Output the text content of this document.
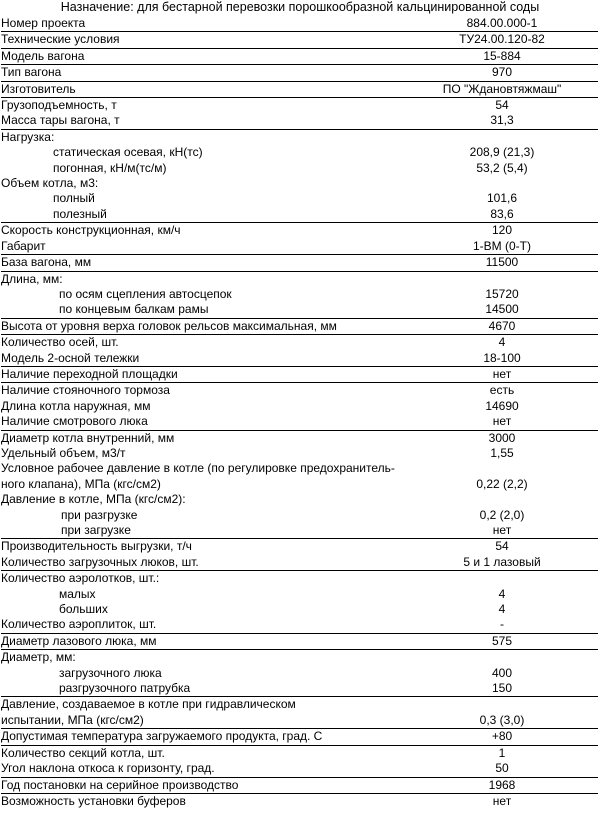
Назначение: для бестарной перевозки порошкообразной кальцинированной соды
Номер проекта	884.00.000-1
Технические условия	ТУ24.00.120-82
Модель вагона	15-884
Тип вагона	970
Изготовитель	ПО "Ждановтяжмаш"
Грузоподъемность, т	54
Масса тары вагона, т	31,3
Нагрузка:
статическая осевая, кН(тс)	208,9 (21,3)
погонная, кН/м(тс/м)	53,2 (5,4)
Объем котла, м3:
полный	101,6
полезный	83,6
Скорость конструкционная, км/ч	120
Габарит	1-ВМ (0-Т)
База вагона, мм	11500
Длина, мм:
по осям сцепления автосцепок	15720
по концевым балкам рамы	14500
Высота от уровня верха головок рельсов максимальная, мм	4670
Количество осей, шт.	4
Модель 2-осной тележки	18-100
Наличие переходной площадки	нет
Наличие стояночного тормоза	есть
Длина котла наружная, мм	14690
Наличие смотрового люка	нет
Диаметр котла внутренний, мм	3000
Удельный объем, м3/т	1,55
Условное рабочее давление в котле (по регулировке предохранитель-
ного клапана), МПа (кгс/см2)	0,22 (2,2)
Давление в котле, МПа (кгс/см2):
при разгрузке	0,2 (2,0)
при загрузке	нет
Производительность выгрузки, т/ч	54
Количество загрузочных люков, шт.	5 и 1 лазовый
Количество аэролотков, шт.:
малых	4
больших	4
Количество аэроплиток, шт.	-
Диаметр лазового люка, мм	575
Диаметр, мм:
загрузочного люка	400
разгрузочного патрубка	150
Давление, создаваемое в котле при гидравлическом
испытании, МПа (кгс/см2)	0,3 (3,0)
Допустимая температура загружаемого продукта, град. С	+80
Количество секций котла, шт.	1
Угол наклона откоса к горизонту, град.	50
Год постановки на серийное производство	1968
Возможность установки буферов	нет
